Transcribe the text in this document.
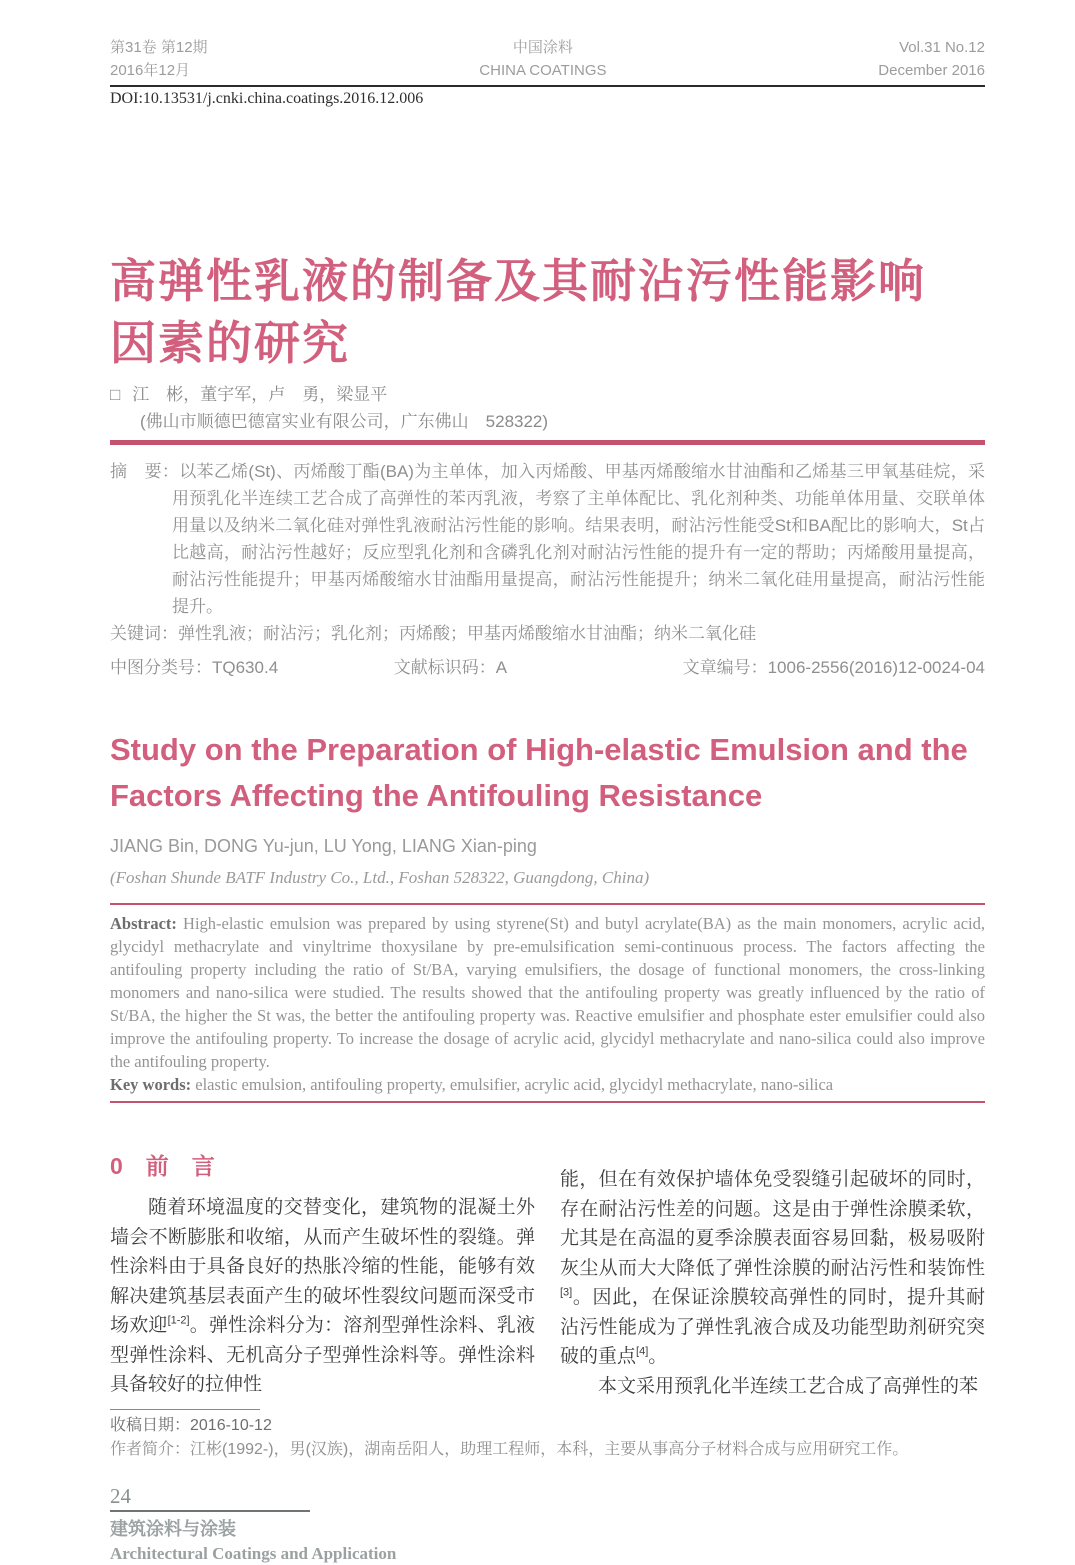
第31卷 第12期
2016年12月
中国涂料
CHINA COATINGS
Vol.31 No.12
December 2016
DOI:10.13531/j.cnki.china.coatings.2016.12.006
高弹性乳液的制备及其耐沾污性能影响
因素的研究
□ 江　彬，董宇军，卢　勇，梁显平
(佛山市顺德巴德富实业有限公司，广东佛山　528322)
摘　要：以苯乙烯(St)、丙烯酸丁酯(BA)为主单体，加入丙烯酸、甲基丙烯酸缩水甘油酯和乙烯基三甲氧基硅烷，采用预乳化半连续工艺合成了高弹性的苯丙乳液，考察了主单体配比、乳化剂种类、功能单体用量、交联单体用量以及纳米二氧化硅对弹性乳液耐沾污性能的影响。结果表明，耐沾污性能受St和BA配比的影响大，St占比越高，耐沾污性越好；反应型乳化剂和含磷乳化剂对耐沾污性能的提升有一定的帮助；丙烯酸用量提高，耐沾污性能提升；甲基丙烯酸缩水甘油酯用量提高，耐沾污性能提升；纳米二氧化硅用量提高，耐沾污性能提升。
关键词：弹性乳液；耐沾污；乳化剂；丙烯酸；甲基丙烯酸缩水甘油酯；纳米二氧化硅
中图分类号：TQ630.4	文献标识码：A	文章编号：1006-2556(2016)12-0024-04
Study on the Preparation of High-elastic Emulsion and the
Factors Affecting the Antifouling Resistance
JIANG Bin, DONG Yu-jun, LU Yong, LIANG Xian-ping
(Foshan Shunde BATF Industry Co., Ltd., Foshan 528322, Guangdong, China)
Abstract: High-elastic emulsion was prepared by using styrene(St) and butyl acrylate(BA) as the main monomers, acrylic acid, glycidyl methacrylate and vinyltrime thoxysilane by pre-emulsification semi-continuous process. The factors affecting the antifouling property including the ratio of St/BA, varying emulsifiers, the dosage of functional monomers, the cross-linking monomers and nano-silica were studied. The results showed that the antifouling property was greatly influenced by the ratio of St/BA, the higher the St was, the better the antifouling property was. Reactive emulsifier and phosphate ester emulsifier could also improve the antifouling property. To increase the dosage of acrylic acid, glycidyl methacrylate and nano-silica could also improve the antifouling property.
Key words: elastic emulsion, antifouling property, emulsifier, acrylic acid, glycidyl methacrylate, nano-silica
0　前　言
随着环境温度的交替变化，建筑物的混凝土外墙会不断膨胀和收缩，从而产生破坏性的裂缝。弹性涂料由于具备良好的热胀冷缩的性能，能够有效解决建筑基层表面产生的破坏性裂纹问题而深受市场欢迎[1-2]。弹性涂料分为：溶剂型弹性涂料、乳液型弹性涂料、无机高分子型弹性涂料等。弹性涂料具备较好的拉伸性
能，但在有效保护墙体免受裂缝引起破坏的同时，存在耐沾污性差的问题。这是由于弹性涂膜柔软，尤其是在高温的夏季涂膜表面容易回黏，极易吸附灰尘从而大大降低了弹性涂膜的耐沾污性和装饰性[3]。因此，在保证涂膜较高弹性的同时，提升其耐沾污性能成为了弹性乳液合成及功能型助剂研究突破的重点[4]。
本文采用预乳化半连续工艺合成了高弹性的苯
收稿日期：2016-10-12
作者简介：江彬(1992-)，男(汉族)，湖南岳阳人，助理工程师，本科，主要从事高分子材料合成与应用研究工作。
24
建筑涂料与涂装
Architectural Coatings and Application
